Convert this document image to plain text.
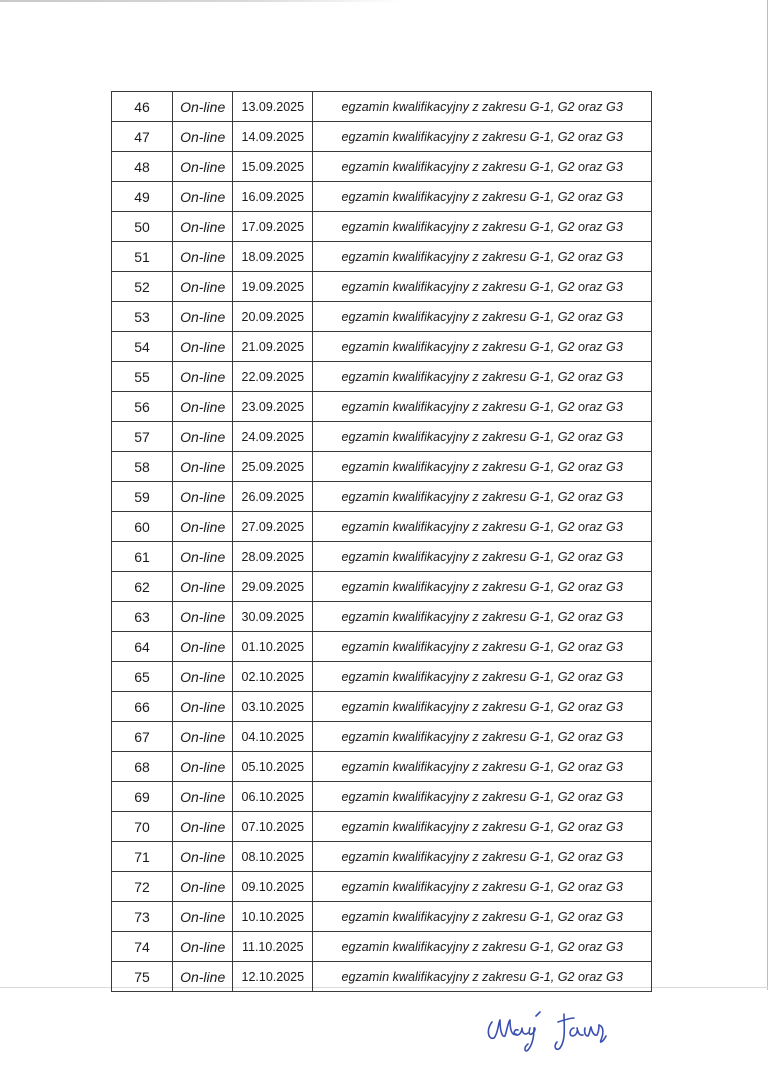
46	On-line	13.09.2025	egzamin kwalifikacyjny z zakresu G-1, G2 oraz G3
47	On-line	14.09.2025	egzamin kwalifikacyjny z zakresu G-1, G2 oraz G3
48	On-line	15.09.2025	egzamin kwalifikacyjny z zakresu G-1, G2 oraz G3
49	On-line	16.09.2025	egzamin kwalifikacyjny z zakresu G-1, G2 oraz G3
50	On-line	17.09.2025	egzamin kwalifikacyjny z zakresu G-1, G2 oraz G3
51	On-line	18.09.2025	egzamin kwalifikacyjny z zakresu G-1, G2 oraz G3
52	On-line	19.09.2025	egzamin kwalifikacyjny z zakresu G-1, G2 oraz G3
53	On-line	20.09.2025	egzamin kwalifikacyjny z zakresu G-1, G2 oraz G3
54	On-line	21.09.2025	egzamin kwalifikacyjny z zakresu G-1, G2 oraz G3
55	On-line	22.09.2025	egzamin kwalifikacyjny z zakresu G-1, G2 oraz G3
56	On-line	23.09.2025	egzamin kwalifikacyjny z zakresu G-1, G2 oraz G3
57	On-line	24.09.2025	egzamin kwalifikacyjny z zakresu G-1, G2 oraz G3
58	On-line	25.09.2025	egzamin kwalifikacyjny z zakresu G-1, G2 oraz G3
59	On-line	26.09.2025	egzamin kwalifikacyjny z zakresu G-1, G2 oraz G3
60	On-line	27.09.2025	egzamin kwalifikacyjny z zakresu G-1, G2 oraz G3
61	On-line	28.09.2025	egzamin kwalifikacyjny z zakresu G-1, G2 oraz G3
62	On-line	29.09.2025	egzamin kwalifikacyjny z zakresu G-1, G2 oraz G3
63	On-line	30.09.2025	egzamin kwalifikacyjny z zakresu G-1, G2 oraz G3
64	On-line	01.10.2025	egzamin kwalifikacyjny z zakresu G-1, G2 oraz G3
65	On-line	02.10.2025	egzamin kwalifikacyjny z zakresu G-1, G2 oraz G3
66	On-line	03.10.2025	egzamin kwalifikacyjny z zakresu G-1, G2 oraz G3
67	On-line	04.10.2025	egzamin kwalifikacyjny z zakresu G-1, G2 oraz G3
68	On-line	05.10.2025	egzamin kwalifikacyjny z zakresu G-1, G2 oraz G3
69	On-line	06.10.2025	egzamin kwalifikacyjny z zakresu G-1, G2 oraz G3
70	On-line	07.10.2025	egzamin kwalifikacyjny z zakresu G-1, G2 oraz G3
71	On-line	08.10.2025	egzamin kwalifikacyjny z zakresu G-1, G2 oraz G3
72	On-line	09.10.2025	egzamin kwalifikacyjny z zakresu G-1, G2 oraz G3
73	On-line	10.10.2025	egzamin kwalifikacyjny z zakresu G-1, G2 oraz G3
74	On-line	11.10.2025	egzamin kwalifikacyjny z zakresu G-1, G2 oraz G3
75	On-line	12.10.2025	egzamin kwalifikacyjny z zakresu G-1, G2 oraz G3
